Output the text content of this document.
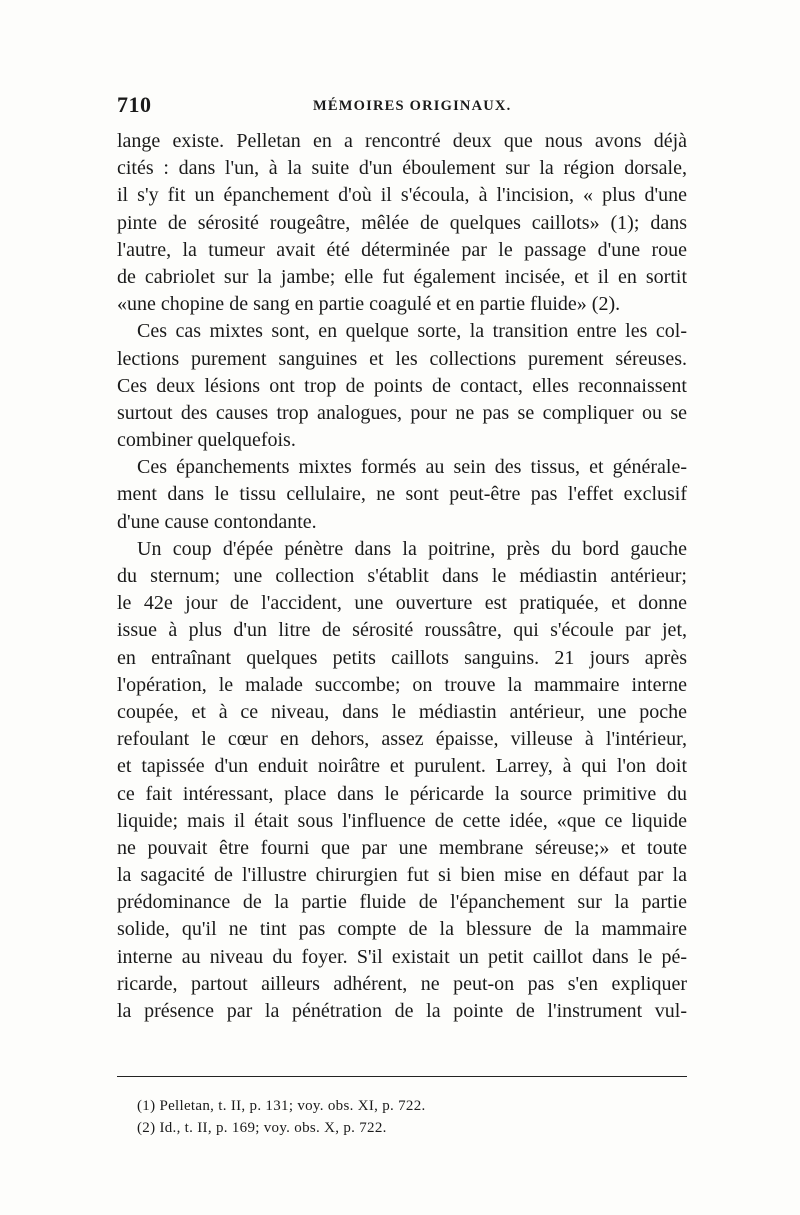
710	MÉMOIRES ORIGINAUX.
lange existe. Pelletan en a rencontré deux que nous avons déjà
cités : dans l'un, à la suite d'un éboulement sur la région dorsale,
il s'y fit un épanchement d'où il s'écoula, à l'incision, « plus d'une
pinte de sérosité rougeâtre, mêlée de quelques caillots» (1); dans
l'autre, la tumeur avait été déterminée par le passage d'une roue
de cabriolet sur la jambe; elle fut également incisée, et il en sortit
«une chopine de sang en partie coagulé et en partie fluide» (2).
Ces cas mixtes sont, en quelque sorte, la transition entre les col-
lections purement sanguines et les collections purement séreuses.
Ces deux lésions ont trop de points de contact, elles reconnaissent
surtout des causes trop analogues, pour ne pas se compliquer ou se
combiner quelquefois.
Ces épanchements mixtes formés au sein des tissus, et générale-
ment dans le tissu cellulaire, ne sont peut-être pas l'effet exclusif
d'une cause contondante.
Un coup d'épée pénètre dans la poitrine, près du bord gauche
du sternum; une collection s'établit dans le médiastin antérieur;
le 42e jour de l'accident, une ouverture est pratiquée, et donne
issue à plus d'un litre de sérosité roussâtre, qui s'écoule par jet,
en entraînant quelques petits caillots sanguins. 21 jours après
l'opération, le malade succombe; on trouve la mammaire interne
coupée, et à ce niveau, dans le médiastin antérieur, une poche
refoulant le cœur en dehors, assez épaisse, villeuse à l'intérieur,
et tapissée d'un enduit noirâtre et purulent. Larrey, à qui l'on doit
ce fait intéressant, place dans le péricarde la source primitive du
liquide; mais il était sous l'influence de cette idée, «que ce liquide
ne pouvait être fourni que par une membrane séreuse;» et toute
la sagacité de l'illustre chirurgien fut si bien mise en défaut par la
prédominance de la partie fluide de l'épanchement sur la partie
solide, qu'il ne tint pas compte de la blessure de la mammaire
interne au niveau du foyer. S'il existait un petit caillot dans le pé-
ricarde, partout ailleurs adhérent, ne peut-on pas s'en expliquer
la présence par la pénétration de la pointe de l'instrument vul-
(1) Pelletan, t. II, p. 131; voy. obs. XI, p. 722.
(2) Id., t. II, p. 169; voy. obs. X, p. 722.
